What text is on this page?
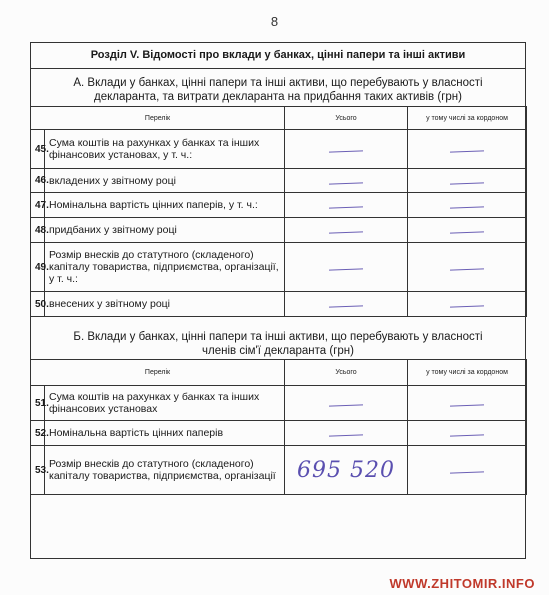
8
Розділ V. Відомості про вклади у банках, цінні папери та інші активи
А. Вклади у банках, цінні папери та інші активи, що перебувають у власності
декларанта, та витрати декларанта на придбання таких активів (грн)
Перелік		Усього	у тому числі за кордоном
45.	Сума коштів на рахунках у банках та інших фінансових установах, у т. ч.:		
46.	вкладених у звітному році		
47.	Номінальна вартість цінних паперів, у т. ч.:		
48.	придбаних у звітному році		
49.	Розмір внесків до статутного (складеного) капіталу товариства, підприємства, організації, у т. ч.:		
50.	внесених у звітному році		
Б. Вклади у банках, цінні папери та інші активи, що перебувають у власності
членів сім'ї декларанта (грн)
Перелік		Усього	у тому числі за кордоном
51.	Сума коштів на рахунках у банках та інших фінансових установах		
52.	Номінальна вартість цінних паперів		
53.	Розмір внесків до статутного (складеного) капіталу товариства, підприємства, організації	695 520	
WWW.ZHITOMIR.INFO
